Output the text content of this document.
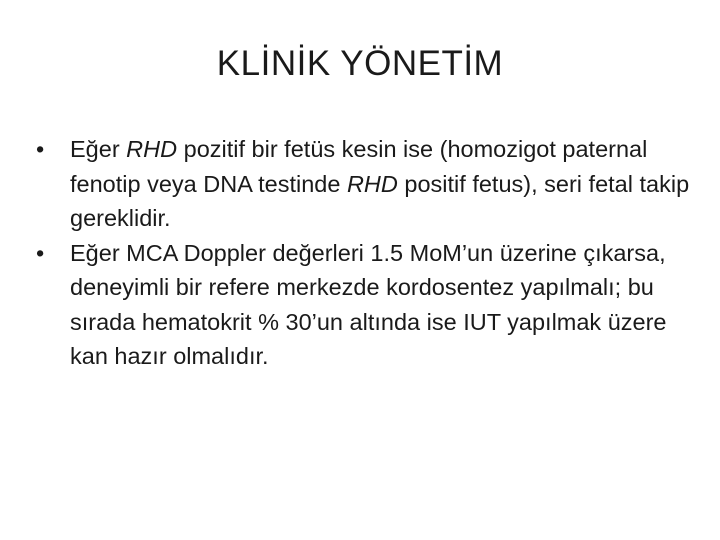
KLİNİK YÖNETİM
•	Eğer RHD pozitif bir fetüs kesin ise (homozigot paternal fenotip veya DNA testinde RHD positif fetus), seri fetal takip gereklidir.
•	Eğer MCA Doppler değerleri 1.5 MoM’un üzerine çıkarsa, deneyimli bir refere merkezde kordosentez yapılmalı; bu sırada hematokrit % 30’un altında ise IUT yapılmak üzere kan hazır olmalıdır.
